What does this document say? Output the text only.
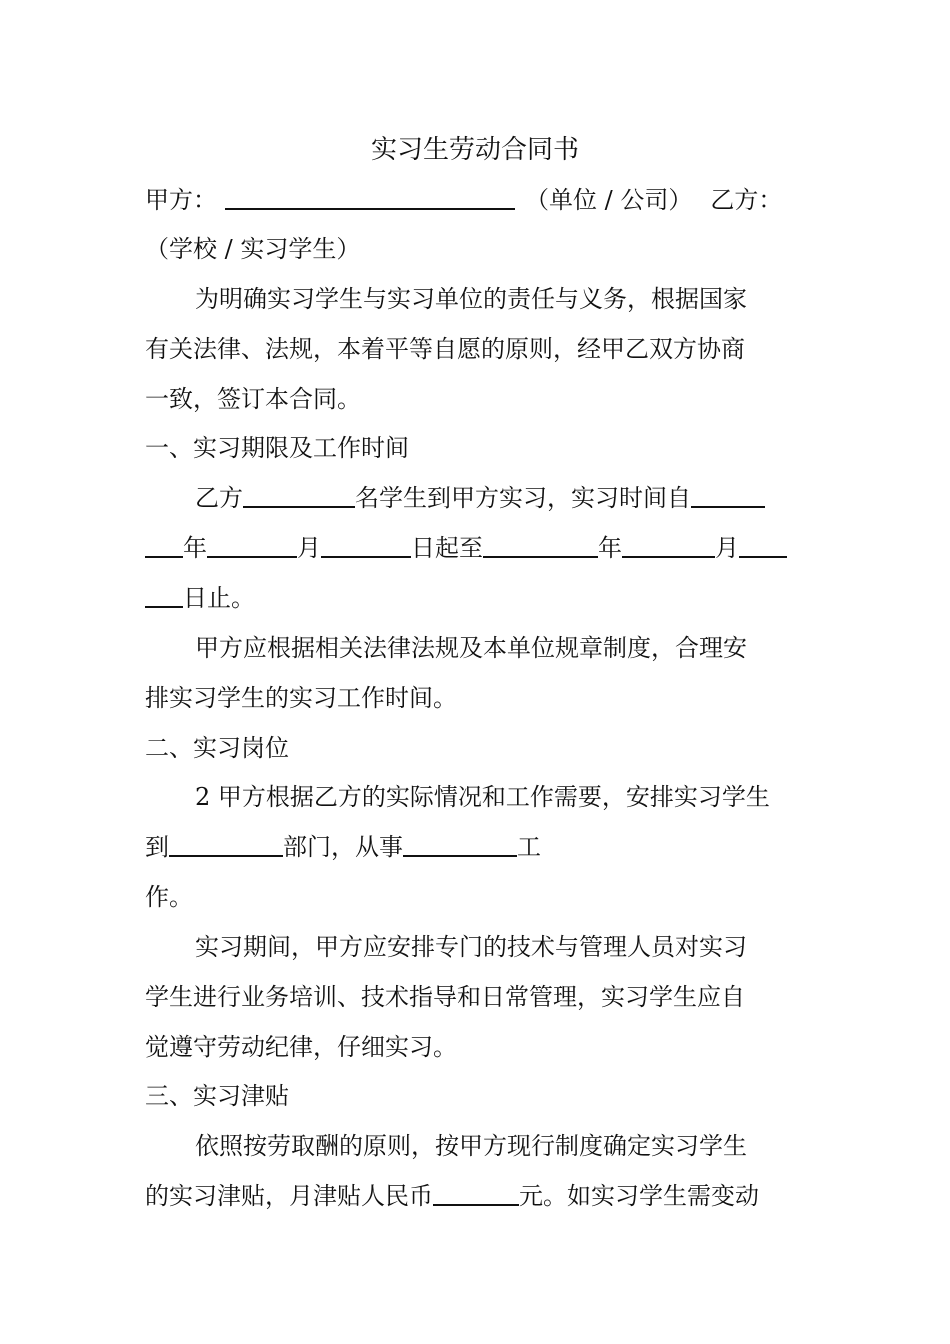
实习生劳动合同书
甲方：	（单位 / 公司） 乙方：
（学校 / 实习学生）
为明确实习学生与实习单位的责任与义务，根据国家
有关法律、法规，本着平等自愿的原则，经甲乙双方协商
一致，签订本合同。
一、实习期限及工作时间
乙方	名学生到甲方实习，实习时间自
年	月	日起至	年	月
日止。
甲方应根据相关法律法规及本单位规章制度，合理安
排实习学生的实习工作时间。
二、实习岗位
2 甲方根据乙方的实际情况和工作需要，安排实习学生
到	部门，从事	工
作。
实习期间，甲方应安排专门的技术与管理人员对实习
学生进行业务培训、技术指导和日常管理，实习学生应自
觉遵守劳动纪律，仔细实习。
三、实习津贴
依照按劳取酬的原则，按甲方现行制度确定实习学生
的实习津贴，月津贴人民币	元。如实习学生需变动
